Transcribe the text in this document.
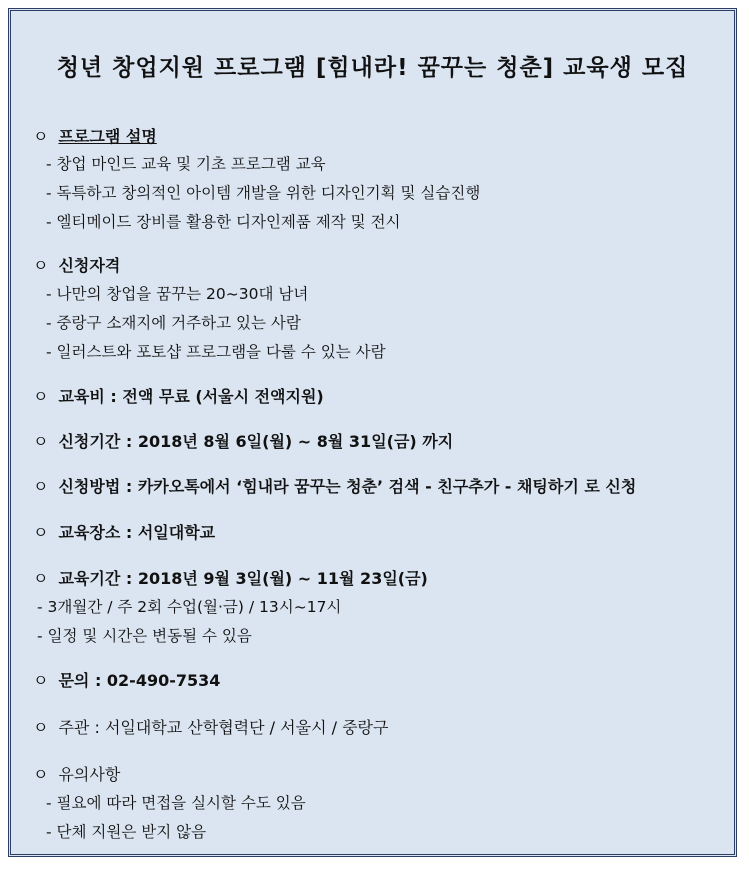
청년 창업지원 프로그램 [힘내라! 꿈꾸는 청춘] 교육생 모집
ㅇ 프로그램 설명
- 창업 마인드 교육 및 기초 프로그램 교육
- 독특하고 창의적인 아이템 개발을 위한 디자인기획 및 실습진행
- 엘티메이드 장비를 활용한 디자인제품 제작 및 전시
ㅇ 신청자격
- 나만의 창업을 꿈꾸는 20~30대 남녀
- 중랑구 소재지에 거주하고 있는 사람
- 일러스트와 포토샵 프로그램을 다룰 수 있는 사람
ㅇ 교육비 : 전액 무료 (서울시 전액지원)
ㅇ 신청기간 : 2018년 8월 6일(월) ~ 8월 31일(금) 까지
ㅇ 신청방법 : 카카오톡에서 ‘힘내라 꿈꾸는 청춘’ 검색 - 친구추가 - 채팅하기 로 신청
ㅇ 교육장소 : 서일대학교
ㅇ 교육기간 : 2018년 9월 3일(월) ~ 11월 23일(금)
- 3개월간 / 주 2회 수업(월·금) / 13시~17시
- 일정 및 시간은 변동될 수 있음
ㅇ 문의 : 02-490-7534
ㅇ 주관 : 서일대학교 산학협력단 / 서울시 / 중랑구
ㅇ 유의사항
- 필요에 따라 면접을 실시할 수도 있음
- 단체 지원은 받지 않음
